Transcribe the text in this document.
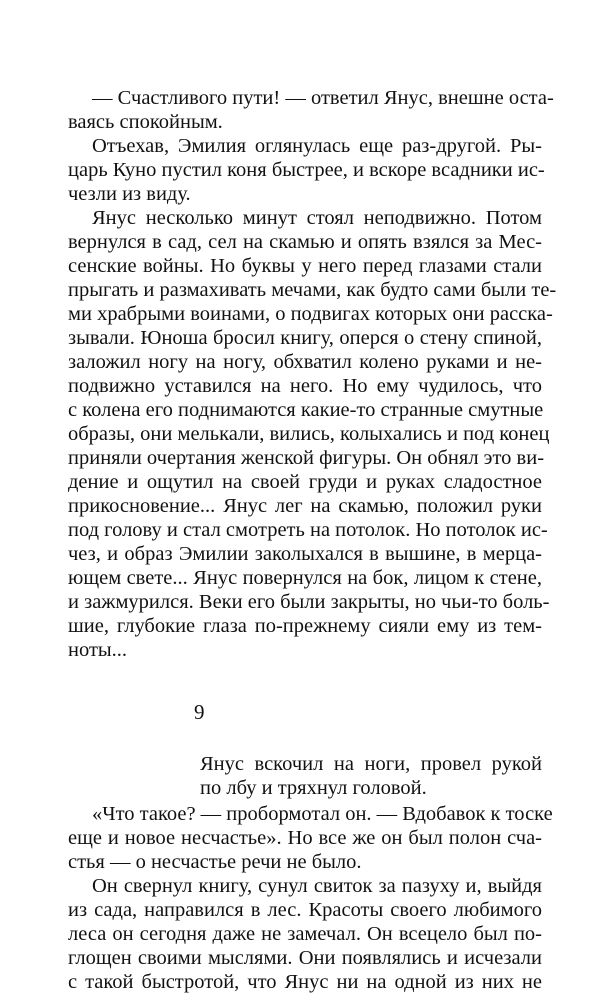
— Счастливого пути! — ответил Янус, внешне оста-

ваясь спокойным.

Отъехав, Эмилия оглянулась еще раз-другой. Ры-

царь Куно пустил коня быстрее, и вскоре всадники ис-

чезли из виду.

Янус несколько минут стоял неподвижно. Потом

вернулся в сад, сел на скамью и опять взялся за Мес-

сенские войны. Но буквы у него перед глазами стали

прыгать и размахивать мечами, как будто сами были те-

ми храбрыми воинами, о подвигах которых они расска-

зывали. Юноша бросил книгу, оперся о стену спиной,

заложил ногу на ногу, обхватил колено руками и не-

подвижно уставился на него. Но ему чудилось, что

с колена его поднимаются какие-то странные смутные

образы, они мелькали, вились, колыхались и под конец

приняли очертания женской фигуры. Он обнял это ви-

дение и ощутил на своей груди и руках сладостное

прикосновение... Янус лег на скамью, положил руки

под голову и стал смотреть на потолок. Но потолок ис-

чез, и образ Эмилии заколыхался в вышине, в мерца-

ющем свете... Янус повернулся на бок, лицом к стене,

и зажмурился. Веки его были закрыты, но чьи-то боль-

шие, глубокие глаза по-прежнему сияли ему из тем-

ноты...

9

Янус вскочил на ноги, провел рукой

по лбу и тряхнул головой.

«Что такое? — пробормотал он. — Вдобавок к тоске

еще и новое несчастье». Но все же он был полон сча-

стья — о несчастье речи не было.

Он свернул книгу, сунул свиток за пазуху и, выйдя

из сада, направился в лес. Красоты своего любимого

леса он сегодня даже не замечал. Он всецело был по-

глощен своими мыслями. Они появлялись и исчезали

с такой быстротой, что Янус ни на одной из них не
